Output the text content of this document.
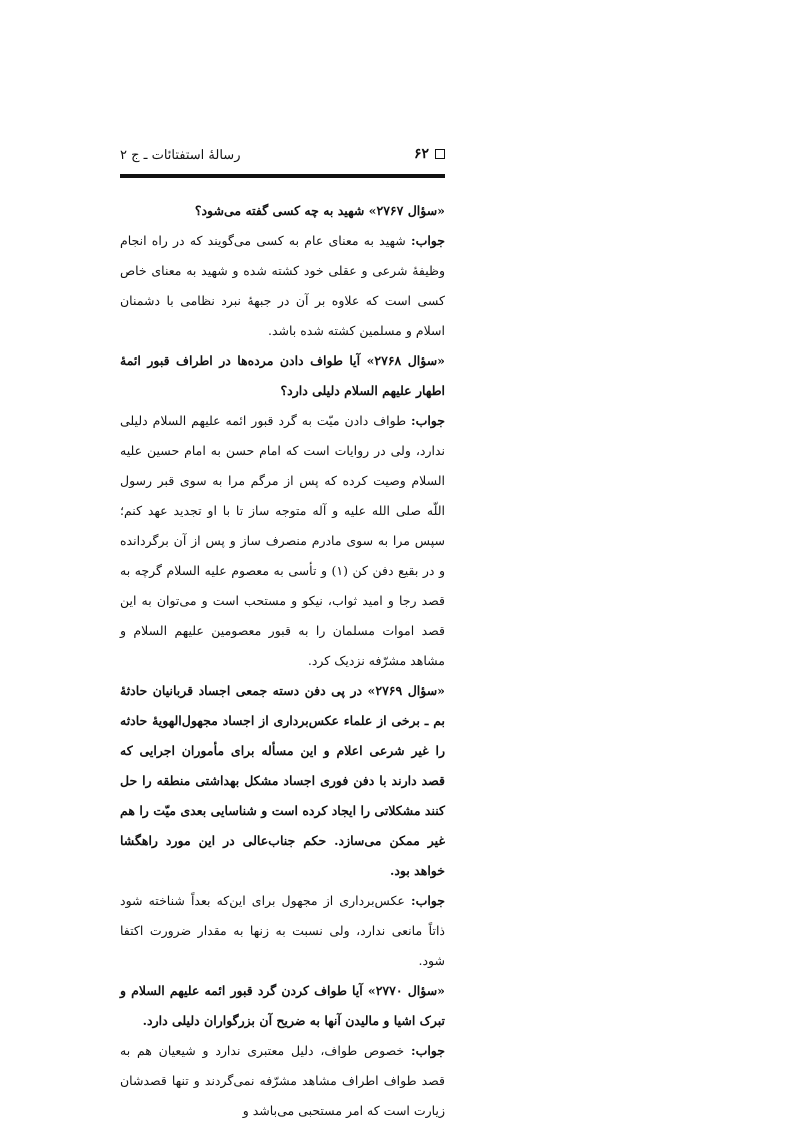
رسالهٔ استفتائات ـ ج ۲	۶۲

«سؤال ۲۷۶۷» شهید به چه کسی گفته می‌شود؟

جواب: شهید به معنای عام به کسی می‌گویند که در راه انجام وظیفهٔ شرعی و عقلی خود کشته شده و شهید به معنای خاص کسی است که علاوه بر آن در جبههٔ نبرد نظامی با دشمنان اسلام و مسلمین کشته شده باشد.

«سؤال ۲۷۶۸» آیا طواف دادن مرده‌ها در اطراف قبور ائمهٔ اطهار علیهم السلام دلیلی دارد؟

جواب: طواف دادن میّت به گرد قبور ائمه علیهم السلام دلیلی ندارد، ولی در روایات است که امام حسن به امام حسین علیه السلام وصیت کرده که پس از مرگم مرا به سوی قبر رسول اللّه صلی الله علیه و آله متوجه ساز تا با او تجدید عهد کنم؛ سپس مرا به سوی مادرم منصرف ساز و پس از آن برگردانده و در بقیع دفن کن (۱) و تأسی به معصوم علیه السلام گرچه به قصد رجا و امید ثواب، نیکو و مستحب است و می‌توان به این قصد اموات مسلمان را به قبور معصومین علیهم السلام و مشاهد مشرّفه نزدیک کرد.

«سؤال ۲۷۶۹» در پی دفن دسته جمعی اجساد قربانیان حادثهٔ بم ـ برخی از علماء عکس‌برداری از اجساد مجهول‌الهویهٔ حادثه را غیر شرعی اعلام و این مسأله برای مأموران اجرایی که قصد دارند با دفن فوری اجساد مشکل بهداشتی منطقه را حل کنند مشکلاتی را ایجاد کرده است و شناسایی بعدی میّت را هم غیر ممکن می‌سازد. حکم جناب‌عالی در این مورد راهگشا خواهد بود.

جواب: عکس‌برداری از مجهول برای این‌که بعداً شناخته شود ذاتاً مانعی ندارد، ولی نسبت به زنها به مقدار ضرورت اکتفا شود.

«سؤال ۲۷۷۰» آیا طواف کردن گرد قبور ائمه علیهم السلام و تبرک اشیا و مالیدن آنها به ضریح آن بزرگواران دلیلی دارد.

جواب: خصوص طواف، دلیل معتبری ندارد و شیعیان هم به قصد طواف اطراف مشاهد مشرّفه نمی‌گردند و تنها قصدشان زیارت است که امر مستحبی می‌باشد و
